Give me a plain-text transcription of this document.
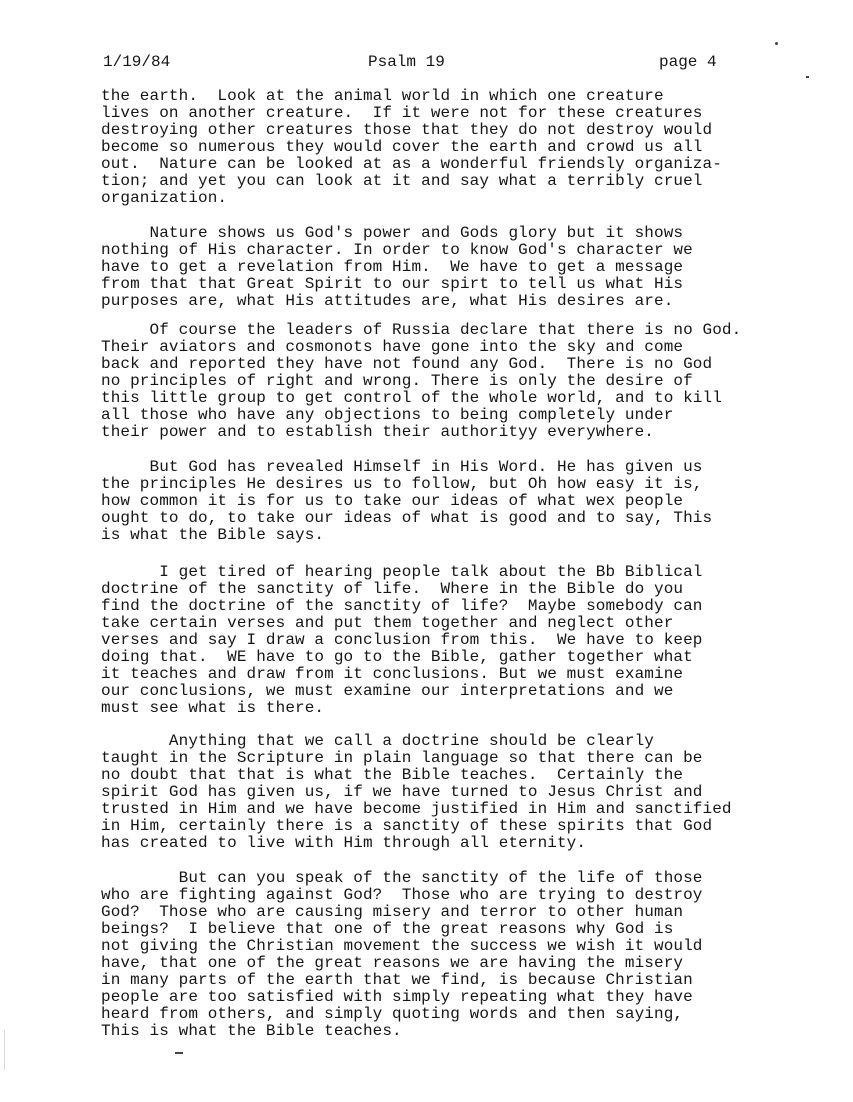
1/19/84	Psalm 19	page 4
the earth.  Look at the animal world in which one creature
lives on another creature.  If it were not for these creatures
destroying other creatures those that they do not destroy would
become so numerous they would cover the earth and crowd us all
out.  Nature can be looked at as a wonderful friendsly organiza-
tion; and yet you can look at it and say what a terribly cruel
organization.
Nature shows us God's power and Gods glory but it shows
nothing of His character. In order to know God's character we
have to get a revelation from Him.  We have to get a message
from that that Great Spirit to our spirt to tell us what His
purposes are, what His attitudes are, what His desires are.
Of course the leaders of Russia declare that there is no God.
Their aviators and cosmonots have gone into the sky and come
back and reported they have not found any God.  There is no God
no principles of right and wrong. There is only the desire of
this little group to get control of the whole world, and to kill
all those who have any objections to being completely under
their power and to establish their authorityy everywhere.
But God has revealed Himself in His Word. He has given us
the principles He desires us to follow, but Oh how easy it is,
how common it is for us to take our ideas of what wex people
ought to do, to take our ideas of what is good and to say, This
is what the Bible says.
I get tired of hearing people talk about the Bb Biblical
doctrine of the sanctity of life.  Where in the Bible do you
find the doctrine of the sanctity of life?  Maybe somebody can
take certain verses and put them together and neglect other
verses and say I draw a conclusion from this.  We have to keep
doing that.  WE have to go to the Bible, gather together what
it teaches and draw from it conclusions. But we must examine
our conclusions, we must examine our interpretations and we
must see what is there.
Anything that we call a doctrine should be clearly
taught in the Scripture in plain language so that there can be
no doubt that that is what the Bible teaches.  Certainly the
spirit God has given us, if we have turned to Jesus Christ and
trusted in Him and we have become justified in Him and sanctified
in Him, certainly there is a sanctity of these spirits that God
has created to live with Him through all eternity.
But can you speak of the sanctity of the life of those
who are fighting against God?  Those who are trying to destroy
God?  Those who are causing misery and terror to other human
beings?  I believe that one of the great reasons why God is
not giving the Christian movement the success we wish it would
have, that one of the great reasons we are having the misery
in many parts of the earth that we find, is because Christian
people are too satisfied with simply repeating what they have
heard from others, and simply quoting words and then saying,
This is what the Bible teaches.
